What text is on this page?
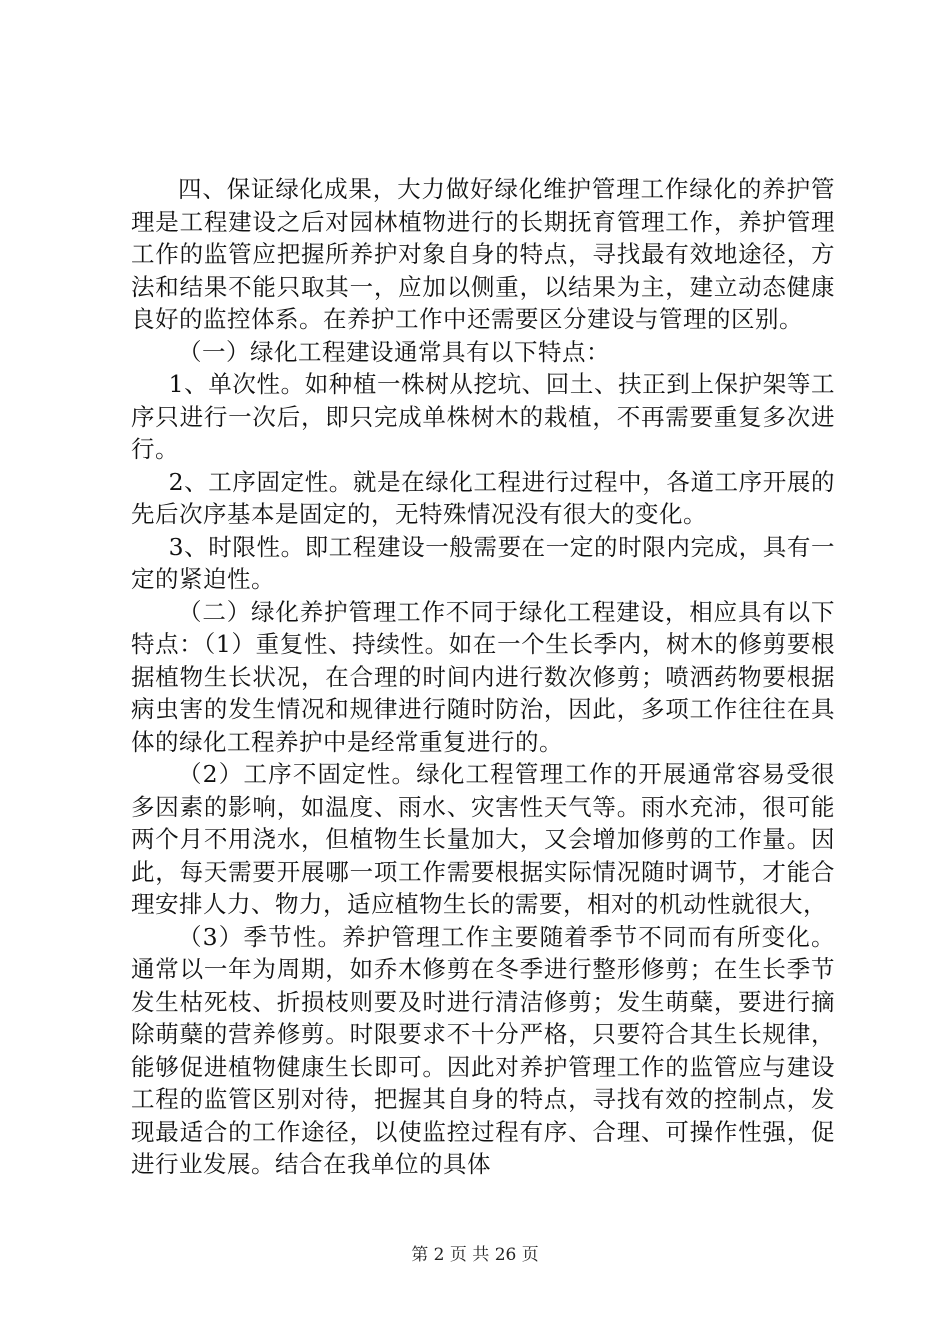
四、保证绿化成果，大力做好绿化维护管理工作绿化的养护管理是工程建设之后对园林植物进行的长期抚育管理工作，养护管理工作的监管应把握所养护对象自身的特点，寻找最有效地途径，方法和结果不能只取其一，应加以侧重，以结果为主，建立动态健康良好的监控体系。在养护工作中还需要区分建设与管理的区别。

（一）绿化工程建设通常具有以下特点：

1、单次性。如种植一株树从挖坑、回土、扶正到上保护架等工序只进行一次后，即只完成单株树木的栽植，不再需要重复多次进行。

2、工序固定性。就是在绿化工程进行过程中，各道工序开展的先后次序基本是固定的，无特殊情况没有很大的变化。

3、时限性。即工程建设一般需要在一定的时限内完成，具有一定的紧迫性。

（二）绿化养护管理工作不同于绿化工程建设，相应具有以下特点：（1）重复性、持续性。如在一个生长季内，树木的修剪要根据植物生长状况，在合理的时间内进行数次修剪；喷洒药物要根据病虫害的发生情况和规律进行随时防治，因此，多项工作往往在具体的绿化工程养护中是经常重复进行的。

（2）工序不固定性。绿化工程管理工作的开展通常容易受很多因素的影响，如温度、雨水、灾害性天气等。雨水充沛，很可能两个月不用浇水，但植物生长量加大，又会增加修剪的工作量。因此，每天需要开展哪一项工作需要根据实际情况随时调节，才能合理安排人力、物力，适应植物生长的需要，相对的机动性就很大，

（3）季节性。养护管理工作主要随着季节不同而有所变化。通常以一年为周期，如乔木修剪在冬季进行整形修剪；在生长季节发生枯死枝、折损枝则要及时进行清洁修剪；发生萌蘖，要进行摘除萌蘖的营养修剪。时限要求不十分严格，只要符合其生长规律，能够促进植物健康生长即可。因此对养护管理工作的监管应与建设工程的监管区别对待，把握其自身的特点，寻找有效的控制点，发现最适合的工作途径，以使监控过程有序、合理、可操作性强，促进行业发展。结合在我单位的具体

第 2 页 共 26 页
